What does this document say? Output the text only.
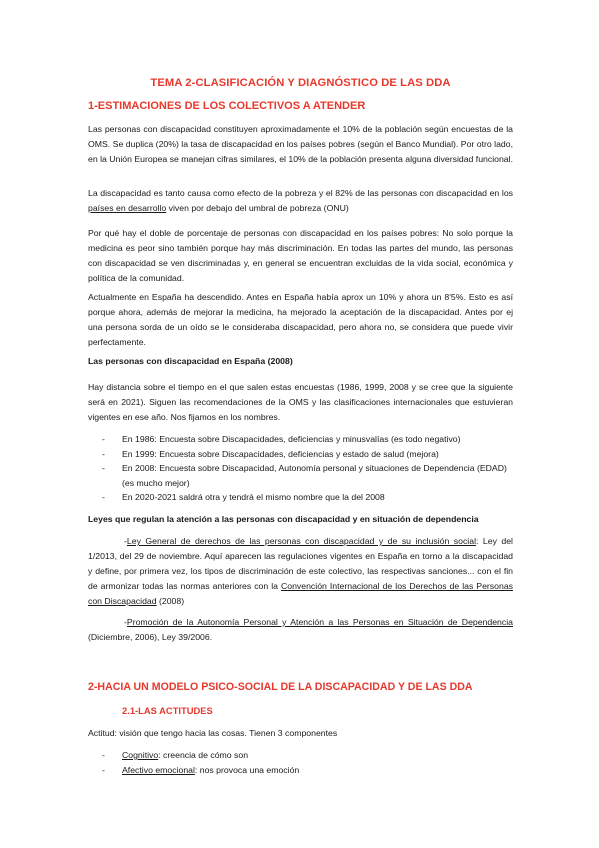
TEMA 2-CLASIFICACIÓN Y DIAGNÓSTICO DE LAS DDA
1-ESTIMACIONES DE LOS COLECTIVOS A ATENDER

Las personas con discapacidad constituyen aproximadamente el 10% de la población según encuestas de la OMS. Se duplica (20%) la tasa de discapacidad en los países pobres (según el Banco Mundial). Por otro lado, en la Unión Europea se manejan cifras similares, el 10% de la población presenta alguna diversidad funcional.

La discapacidad es tanto causa como efecto de la pobreza y el 82% de las personas con discapacidad en los países en desarrollo viven por debajo del umbral de pobreza (ONU)

Por qué hay el doble de porcentaje de personas con discapacidad en los países pobres: No solo porque la medicina es peor sino también porque hay más discriminación. En todas las partes del mundo, las personas con discapacidad se ven discriminadas y, en general se encuentran excluidas de la vida social, económica y política de la comunidad.

Actualmente en España ha descendido. Antes en España había aprox un 10% y ahora un 8'5%. Esto es así porque ahora, además de mejorar la medicina, ha mejorado la aceptación de la discapacidad. Antes por ej una persona sorda de un oído se le consideraba discapacidad, pero ahora no, se considera que puede vivir perfectamente.

Las personas con discapacidad en España (2008)

Hay distancia sobre el tiempo en el que salen estas encuestas (1986, 1999, 2008 y se cree que la siguiente será en 2021). Siguen las recomendaciones de la OMS y las clasificaciones internacionales que estuvieran vigentes en ese año. Nos fijamos en los nombres.

- En 1986: Encuesta sobre Discapacidades, deficiencias y minusvalías (es todo negativo)
- En 1999: Encuesta sobre Discapacidades, deficiencias y estado de salud (mejora)
- En 2008: Encuesta sobre Discapacidad, Autonomía personal y situaciones de Dependencia (EDAD) (es mucho mejor)
- En 2020-2021 saldrá otra y tendrá el mismo nombre que la del 2008

Leyes que regulan la atención a las personas con discapacidad y en situación de dependencia

-Ley General de derechos de las personas con discapacidad y de su inclusión social: Ley del 1/2013, del 29 de noviembre. Aquí aparecen las regulaciones vigentes en España en torno a la discapacidad y define, por primera vez, los tipos de discriminación de este colectivo, las respectivas sanciones... con el fin de armonizar todas las normas anteriores con la Convención Internacional de los Derechos de las Personas con Discapacidad (2008)

-Promoción de la Autonomía Personal y Atención a las Personas en Situación de Dependencia (Diciembre, 2006), Ley 39/2006.

2-HACIA UN MODELO PSICO-SOCIAL DE LA DISCAPACIDAD Y DE LAS DDA
2.1-LAS ACTITUDES

Actitud: visión que tengo hacia las cosas. Tienen 3 componentes

- Cognitivo: creencia de cómo son
- Afectivo emocional: nos provoca una emoción
